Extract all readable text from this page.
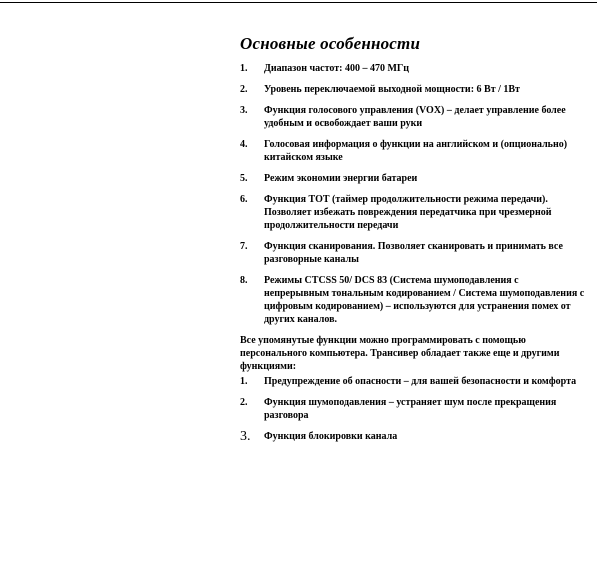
Основные особенности
1.	Диапазон частот: 400 – 470 МГц
2.	Уровень переключаемой выходной мощности: 6 Вт / 1Вт
3.	Функция голосового управления (VOX) – делает управление более удобным и освобождает ваши руки
4.	Голосовая информация о функции на английском и (опционально) китайском языке
5.	Режим экономии энергии батареи
6.	Функция ТОТ (таймер продолжительности режима передачи). Позволяет избежать повреждения передатчика при чрезмерной продолжительности передачи
7.	Функция сканирования. Позволяет сканировать и принимать все разговорные каналы
8.	Режимы CTCSS 50/ DCS 83 (Система шумоподавления с непрерывным тональным кодированием / Система шумоподавления с цифровым кодированием) – используются для устранения помех от других каналов.

Все упомянутые функции можно программировать с помощью персонального компьютера. Трансивер обладает также еще и другими функциями:

1.	Предупреждение об опасности – для вашей безопасности и комфорта
2.	Функция шумоподавления – устраняет шум после прекращения разговора
3.	Функция блокировки канала
